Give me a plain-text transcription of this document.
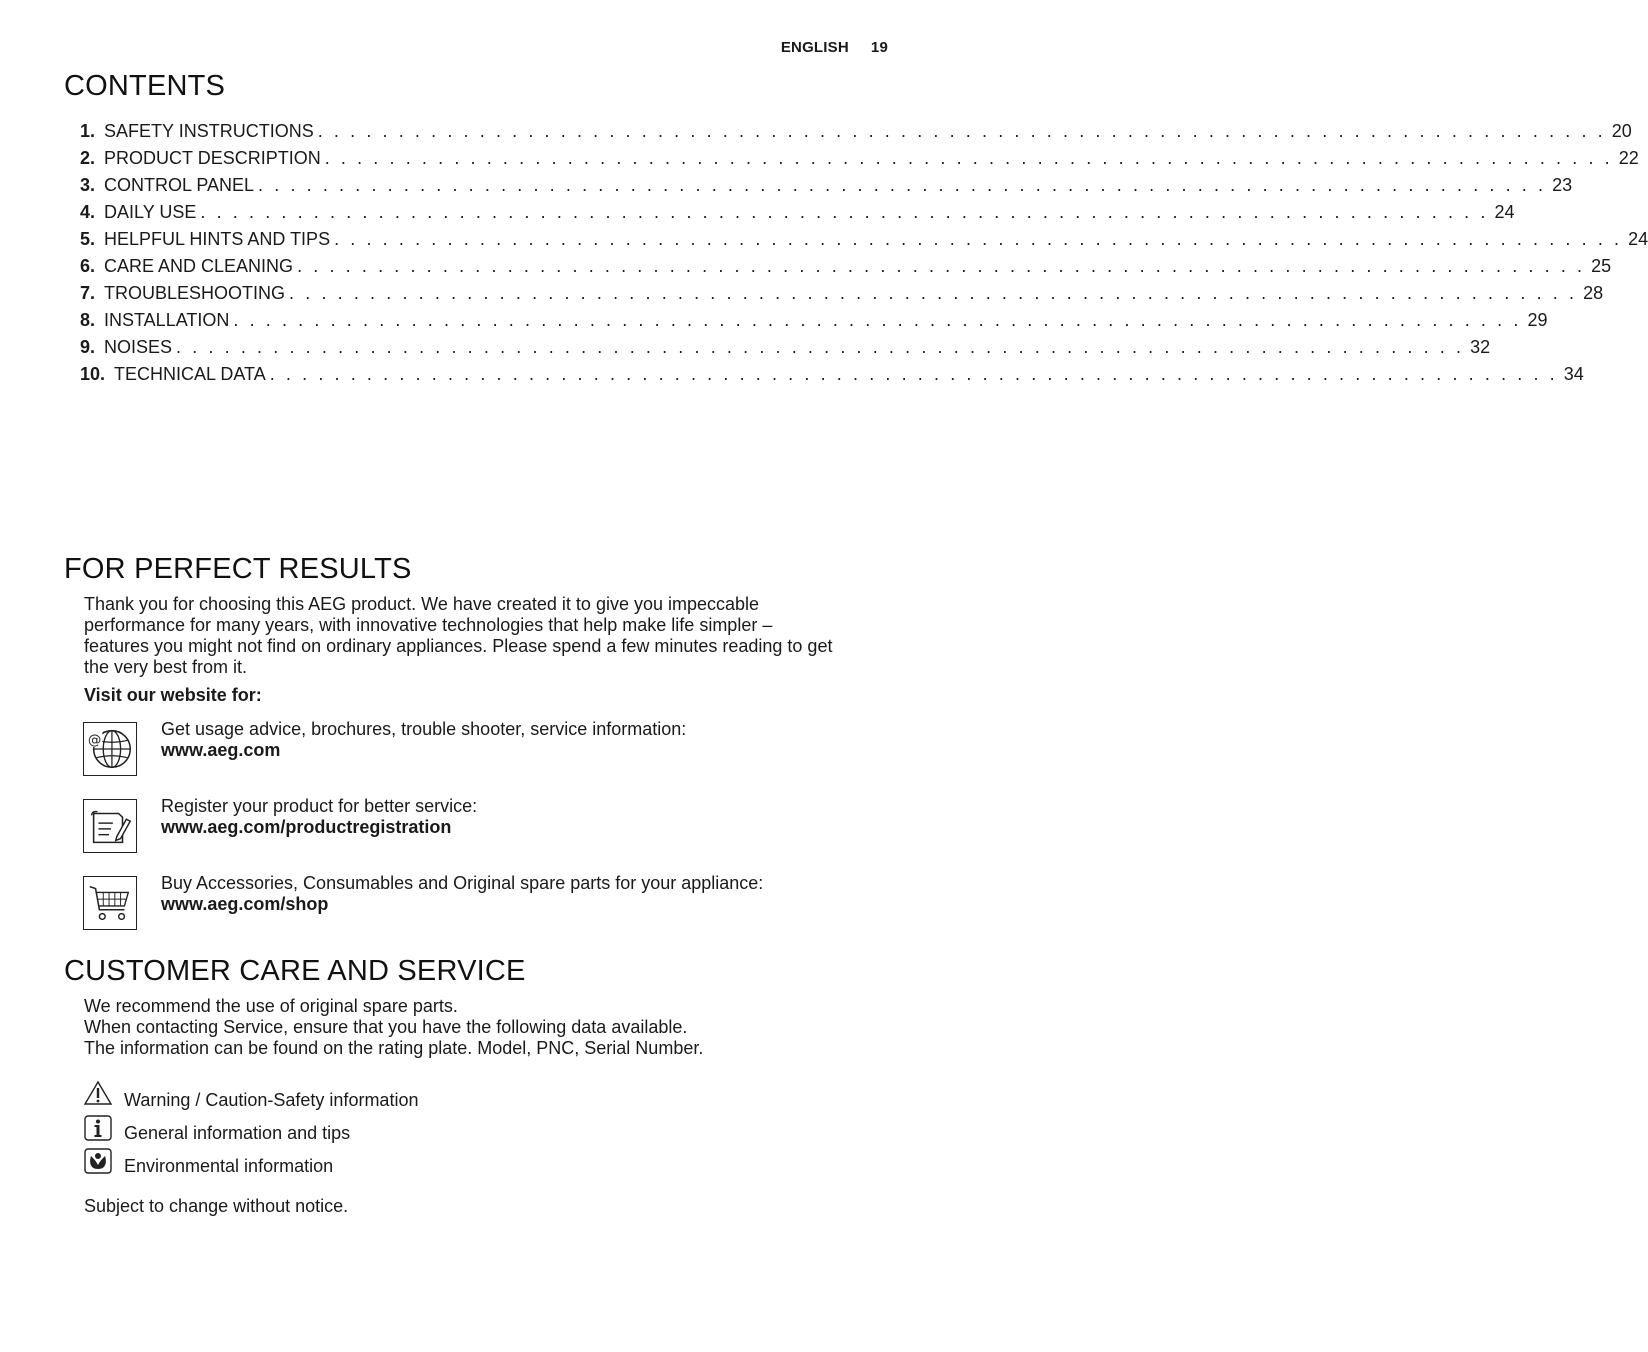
ENGLISH 19
CONTENTS
1. SAFETY INSTRUCTIONS . . . . . . . . . . . . . . . . . . . . . . . . . . . . . . . . . . . . . . . . . . . . . . . . . . . . . . . . . . . . . . . . . . . . . . . . . . . . . . . . 20
2. PRODUCT DESCRIPTION . . . . . . . . . . . . . . . . . . . . . . . . . . . . . . . . . . . . . . . . . . . . . . . . . . . . . . . . . . . . . . . . . . . . . . . . . . . . . . . . 22
3. CONTROL PANEL . . . . . . . . . . . . . . . . . . . . . . . . . . . . . . . . . . . . . . . . . . . . . . . . . . . . . . . . . . . . . . . . . . . . . . . . . . . . . . . . 23
4. DAILY USE . . . . . . . . . . . . . . . . . . . . . . . . . . . . . . . . . . . . . . . . . . . . . . . . . . . . . . . . . . . . . . . . . . . . . . . . . . . . . . . . 24
5. HELPFUL HINTS AND TIPS . . . . . . . . . . . . . . . . . . . . . . . . . . . . . . . . . . . . . . . . . . . . . . . . . . . . . . . . . . . . . . . . . . . . . . . . . . . . . . . . 24
6. CARE AND CLEANING . . . . . . . . . . . . . . . . . . . . . . . . . . . . . . . . . . . . . . . . . . . . . . . . . . . . . . . . . . . . . . . . . . . . . . . . . . . . . . . . 25
7. TROUBLESHOOTING . . . . . . . . . . . . . . . . . . . . . . . . . . . . . . . . . . . . . . . . . . . . . . . . . . . . . . . . . . . . . . . . . . . . . . . . . . . . . . . . 28
8. INSTALLATION . . . . . . . . . . . . . . . . . . . . . . . . . . . . . . . . . . . . . . . . . . . . . . . . . . . . . . . . . . . . . . . . . . . . . . . . . . . . . . . . 29
9. NOISES . . . . . . . . . . . . . . . . . . . . . . . . . . . . . . . . . . . . . . . . . . . . . . . . . . . . . . . . . . . . . . . . . . . . . . . . . . . . . . . . 32
10. TECHNICAL DATA . . . . . . . . . . . . . . . . . . . . . . . . . . . . . . . . . . . . . . . . . . . . . . . . . . . . . . . . . . . . . . . . . . . . . . . . . . . . . . . . 34
FOR PERFECT RESULTS
Thank you for choosing this AEG product. We have created it to give you impeccable
performance for many years, with innovative technologies that help make life simpler –
features you might not find on ordinary appliances. Please spend a few minutes reading to get
the very best from it.
Visit our website for:
@
Get usage advice, brochures, trouble shooter, service information:
www.aeg.com
Register your product for better service:
www.aeg.com/productregistration
Buy Accessories, Consumables and Original spare parts for your appliance:
www.aeg.com/shop
CUSTOMER CARE AND SERVICE
We recommend the use of original spare parts.
When contacting Service, ensure that you have the following data available.
The information can be found on the rating plate. Model, PNC, Serial Number.
Warning / Caution-Safety information
General information and tips
Environmental information
Subject to change without notice.
